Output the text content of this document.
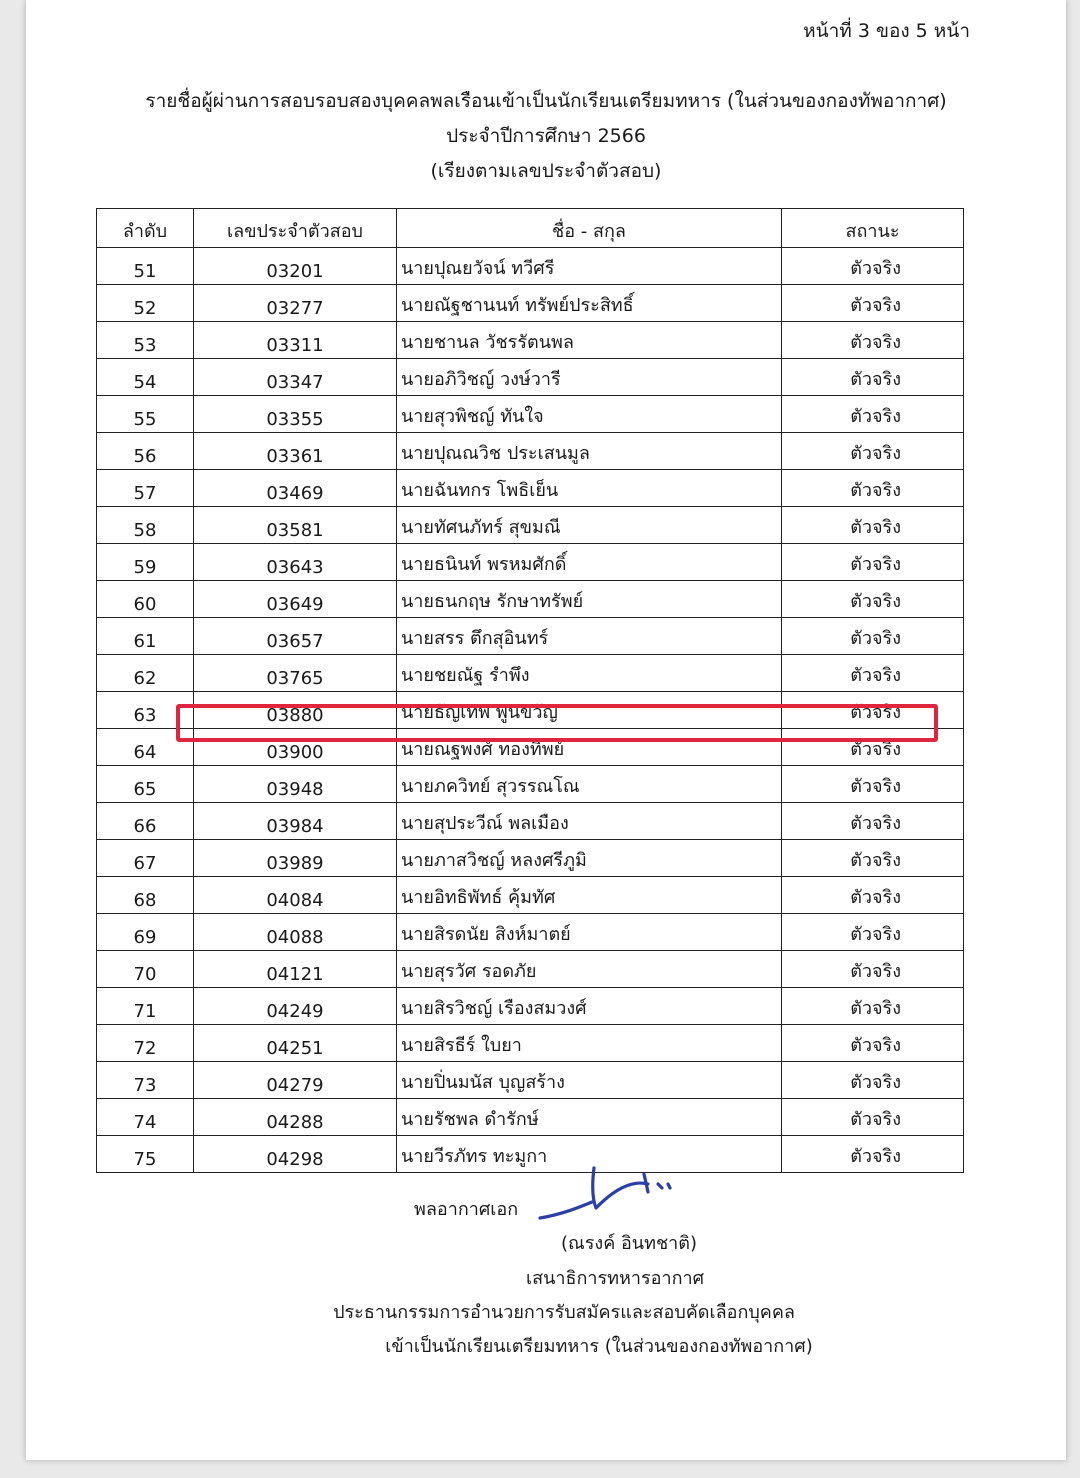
หน้าที่ 3 ของ 5 หน้า
รายชื่อผู้ผ่านการสอบรอบสองบุคคลพลเรือนเข้าเป็นนักเรียนเตรียมทหาร (ในส่วนของกองทัพอากาศ)
ประจำปีการศึกษา 2566
(เรียงตามเลขประจำตัวสอบ)
ลำดับ	เลขประจำตัวสอบ	ชื่อ - สกุล	สถานะ
51	03201	นายปุณยวัจน์ ทวีศรี	ตัวจริง
52	03277	นายณัฐชานนท์ ทรัพย์ประสิทธิ์	ตัวจริง
53	03311	นายชานล วัชรรัตนพล	ตัวจริง
54	03347	นายอภิวิชญ์ วงษ์วารี	ตัวจริง
55	03355	นายสุวพิชญ์ ทันใจ	ตัวจริง
56	03361	นายปุณณวิช ประเสนมูล	ตัวจริง
57	03469	นายฉันทกร โพธิเย็น	ตัวจริง
58	03581	นายทัศนภัทร์ สุขมณี	ตัวจริง
59	03643	นายธนินท์ พรหมศักดิ์	ตัวจริง
60	03649	นายธนกฤษ รักษาทรัพย์	ตัวจริง
61	03657	นายสรร ตึกสุอินทร์	ตัวจริง
62	03765	นายชยณัฐ รำพึง	ตัวจริง
63	03880	นายธัญเทพ พูนขวัญ	ตัวจริง
64	03900	นายณฐพงศ์ ทองทิพย์	ตัวจริง
65	03948	นายภควิทย์ สุวรรณโณ	ตัวจริง
66	03984	นายสุประวีณ์ พลเมือง	ตัวจริง
67	03989	นายภาสวิชญ์ หลงศรีภูมิ	ตัวจริง
68	04084	นายอิทธิพัทธ์ คุ้มทัศ	ตัวจริง
69	04088	นายสิรดนัย สิงห์มาตย์	ตัวจริง
70	04121	นายสุรวัศ รอดภัย	ตัวจริง
71	04249	นายสิรวิชญ์ เรืองสมวงศ์	ตัวจริง
72	04251	นายสิรธีร์ ใบยา	ตัวจริง
73	04279	นายปิ่นมนัส บุญสร้าง	ตัวจริง
74	04288	นายรัชพล ดำรักษ์	ตัวจริง
75	04298	นายวีรภัทร ทะมูกา	ตัวจริง
พลอากาศเอก
(ณรงค์ อินทชาติ)
เสนาธิการทหารอากาศ
ประธานกรรมการอำนวยการรับสมัครและสอบคัดเลือกบุคคล
เข้าเป็นนักเรียนเตรียมทหาร (ในส่วนของกองทัพอากาศ)
